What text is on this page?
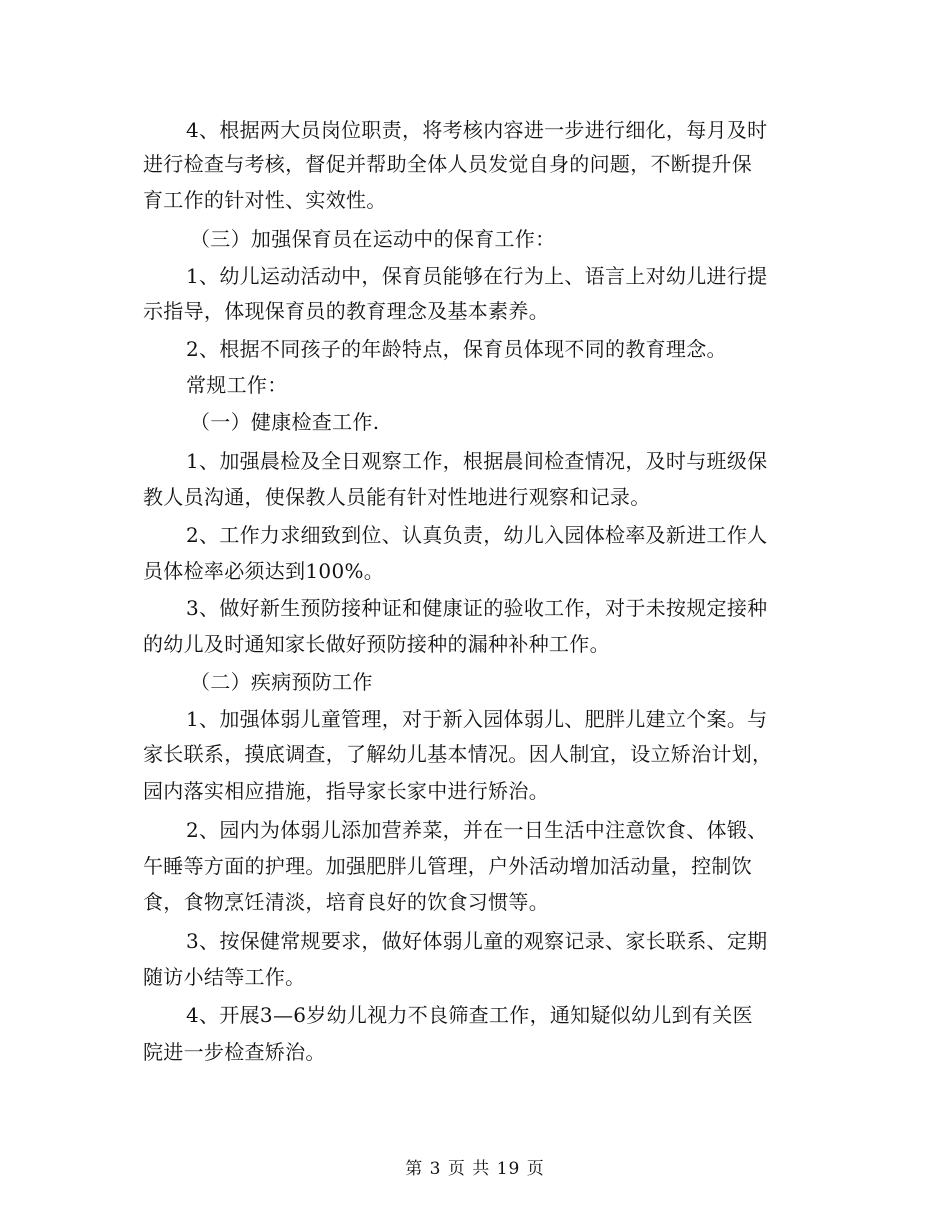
4、根据两大员岗位职责，将考核内容进一步进行细化，每月及时
进行检查与考核，督促并帮助全体人员发觉自身的问题，不断提升保
育工作的针对性、实效性。
（三）加强保育员在运动中的保育工作：
1、幼儿运动活动中，保育员能够在行为上、语言上对幼儿进行提
示指导，体现保育员的教育理念及基本素养。
2、根据不同孩子的年龄特点，保育员体现不同的教育理念。
常规工作：
（一）健康检查工作.
1、加强晨检及全日观察工作，根据晨间检查情况，及时与班级保
教人员沟通，使保教人员能有针对性地进行观察和记录。
2、工作力求细致到位、认真负责，幼儿入园体检率及新进工作人
员体检率必须达到100%。
3、做好新生预防接种证和健康证的验收工作，对于未按规定接种
的幼儿及时通知家长做好预防接种的漏种补种工作。
（二）疾病预防工作
1、加强体弱儿童管理，对于新入园体弱儿、肥胖儿建立个案。与
家长联系，摸底调查，了解幼儿基本情况。因人制宜，设立矫治计划，
园内落实相应措施，指导家长家中进行矫治。
2、园内为体弱儿添加营养菜，并在一日生活中注意饮食、体锻、
午睡等方面的护理。加强肥胖儿管理，户外活动增加活动量，控制饮
食，食物烹饪清淡，培育良好的饮食习惯等。
3、按保健常规要求，做好体弱儿童的观察记录、家长联系、定期
随访小结等工作。
4、开展3—6岁幼儿视力不良筛查工作，通知疑似幼儿到有关医
院进一步检查矫治。
第 3 页 共 19 页
